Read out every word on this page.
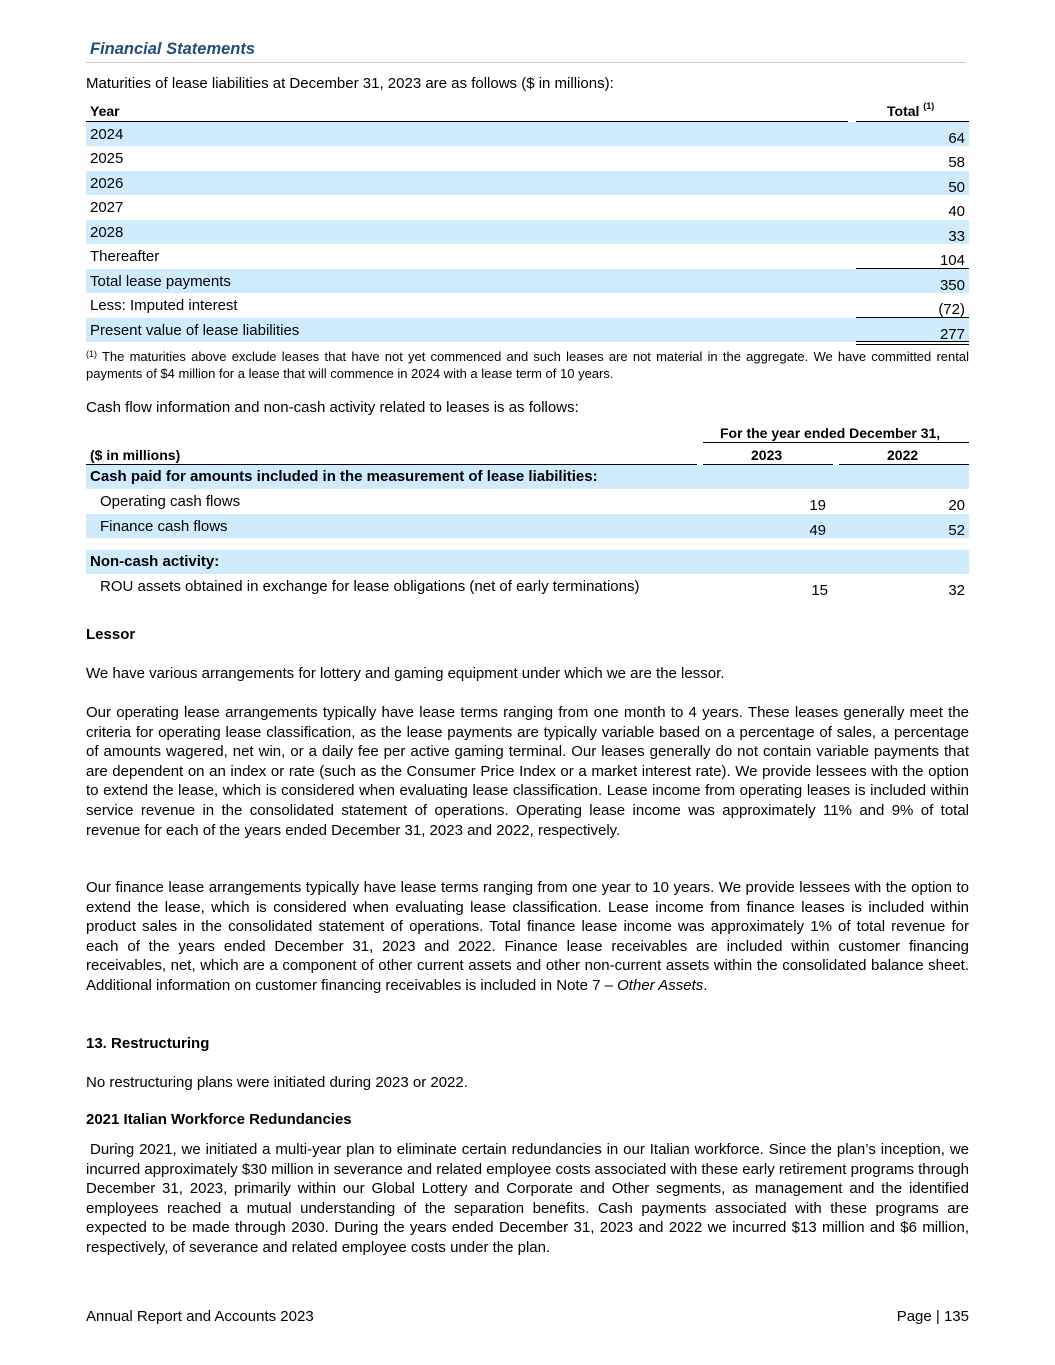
Financial Statements
Maturities of lease liabilities at December 31, 2023 are as follows ($ in millions):
Year	Total $^{(1)}$
2024	64
2025	58
2026	50
2027	40
2028	33
Thereafter	104
Total lease payments	350
Less: Imputed interest	(72)
Present value of lease liabilities	277
$^{(1)}$ The maturities above exclude leases that have not yet commenced and such leases are not material in the aggregate. We have committed rental payments of $4 million for a lease that will commence in 2024 with a lease term of 10 years.
Cash flow information and non-cash activity related to leases is as follows:
For the year ended December 31,
($ in millions)	2023	2022
Cash paid for amounts included in the measurement of lease liabilities:
Operating cash flows	19	20
Finance cash flows	49	52
Non-cash activity:
ROU assets obtained in exchange for lease obligations (net of early terminations)	15	32
Lessor
We have various arrangements for lottery and gaming equipment under which we are the lessor.
Our operating lease arrangements typically have lease terms ranging from one month to 4 years. These leases generally meet the criteria for operating lease classification, as the lease payments are typically variable based on a percentage of sales, a percentage of amounts wagered, net win, or a daily fee per active gaming terminal. Our leases generally do not contain variable payments that are dependent on an index or rate (such as the Consumer Price Index or a market interest rate). We provide lessees with the option to extend the lease, which is considered when evaluating lease classification. Lease income from operating leases is included within service revenue in the consolidated statement of operations. Operating lease income was approximately 11% and 9% of total revenue for each of the years ended December 31, 2023 and 2022, respectively.
Our finance lease arrangements typically have lease terms ranging from one year to 10 years. We provide lessees with the option to extend the lease, which is considered when evaluating lease classification. Lease income from finance leases is included within product sales in the consolidated statement of operations. Total finance lease income was approximately 1% of total revenue for each of the years ended December 31, 2023 and 2022. Finance lease receivables are included within customer financing receivables, net, which are a component of other current assets and other non-current assets within the consolidated balance sheet. Additional information on customer financing receivables is included in Note 7 – Other Assets.
13. Restructuring
No restructuring plans were initiated during 2023 or 2022.
2021 Italian Workforce Redundancies
During 2021, we initiated a multi-year plan to eliminate certain redundancies in our Italian workforce. Since the plan’s inception, we incurred approximately $30 million in severance and related employee costs associated with these early retirement programs through December 31, 2023, primarily within our Global Lottery and Corporate and Other segments, as management and the identified employees reached a mutual understanding of the separation benefits. Cash payments associated with these programs are expected to be made through 2030. During the years ended December 31, 2023 and 2022 we incurred $13 million and $6 million, respectively, of severance and related employee costs under the plan.
Annual Report and Accounts 2023	Page | 135
